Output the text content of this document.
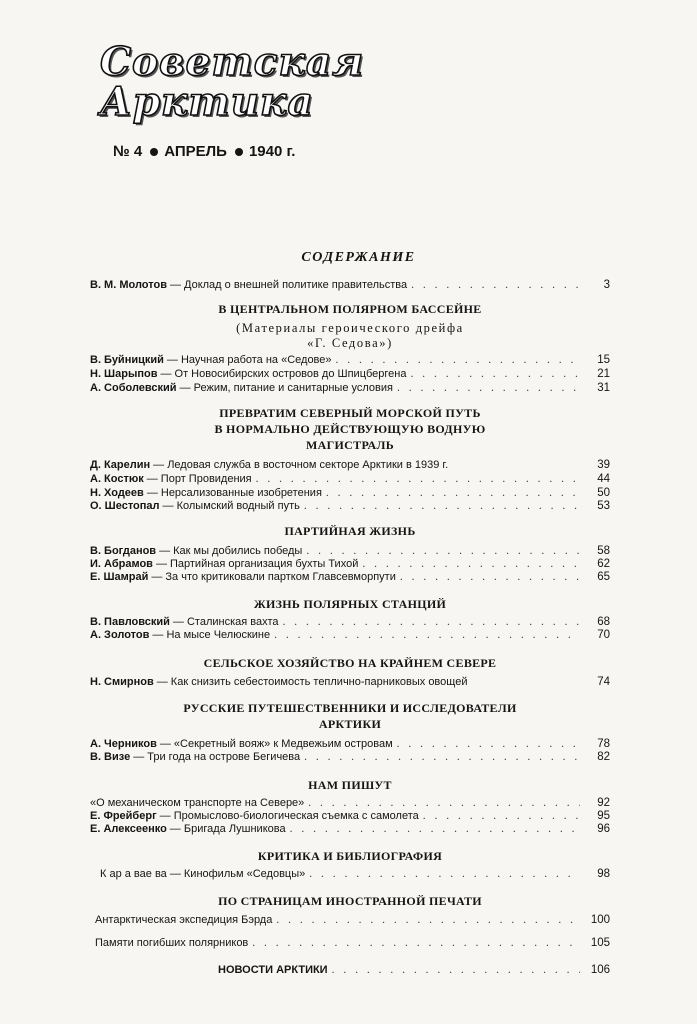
Советская
Арктика
№ 4 АПРЕЛЬ 1940 г.
СОДЕРЖАНИЕ
В. М. Молотов — Доклад о внешней политике правительства . . .	3
В ЦЕНТРАЛЬНОМ ПОЛЯРНОМ БАССЕЙНЕ
(Материалы героического дрейфа
«Г. Седова»)
В. Буйницкий — Научная работа на «Седове» . . .	15
Н. Шарыпов — От Новосибирских островов до Шпицбергена . . .	21
А. Соболевский — Режим, питание и санитарные условия . . .	31
ПРЕВРАТИМ СЕВЕРНЫЙ МОРСКОЙ ПУТЬ
В НОРМАЛЬНО ДЕЙСТВУЮЩУЮ ВОДНУЮ
МАГИСТРАЛЬ
Д. Карелин — Ледовая служба в восточном секторе Арктики в 1939 г.	39
А. Костюк — Порт Провидения . . .	44
Н. Ходеев — Нерсализованные изобретения . . .	50
О. Шестопал — Колымский водный путь . . .	53
ПАРТИЙНАЯ ЖИЗНЬ
В. Богданов — Как мы добились победы . . .	58
И. Абрамов — Партийная организация бухты Тихой . . .	62
Е. Шамрай — За что критиковали партком Главсевморпути . . .	65
ЖИЗНЬ ПОЛЯРНЫХ СТАНЦИЙ
В. Павловский — Сталинская вахта . . .	68
А. Золотов — На мысе Челюскине . . .	70
СЕЛЬСКОЕ ХОЗЯЙСТВО НА КРАЙНЕМ СЕВЕРЕ
Н. Смирнов — Как снизить себестоимость тепличнo-парниковых овощей	74
РУССКИЕ ПУТЕШЕСТВЕННИКИ И ИССЛЕДОВАТЕЛИ
АРКТИКИ
А. Черников — «Секретный вояж» к Медвежьим островам . . .	78
В. Визе — Три года на острове Бегичева . . .	82
НАМ ПИШУТ
«О механическом транспорте на Севере» . . .	92
Е. Фрейберг — Промыслово-биологическая съемка с самолета . . .	95
Е. Алексеенко — Бригада Лушникова . . .	96
КРИТИКА И БИБЛИОГРАФИЯ
К ар а вае ва — Кинофильм «Седовцы» . . .	98
ПО СТРАНИЦАМ ИНОСТРАННОЙ ПЕЧАТИ
Антарктическая экспедиция Бэрда . . .	100
Памяти погибших полярников . . .	105
НОВОСТИ АРКТИКИ . . .	106
